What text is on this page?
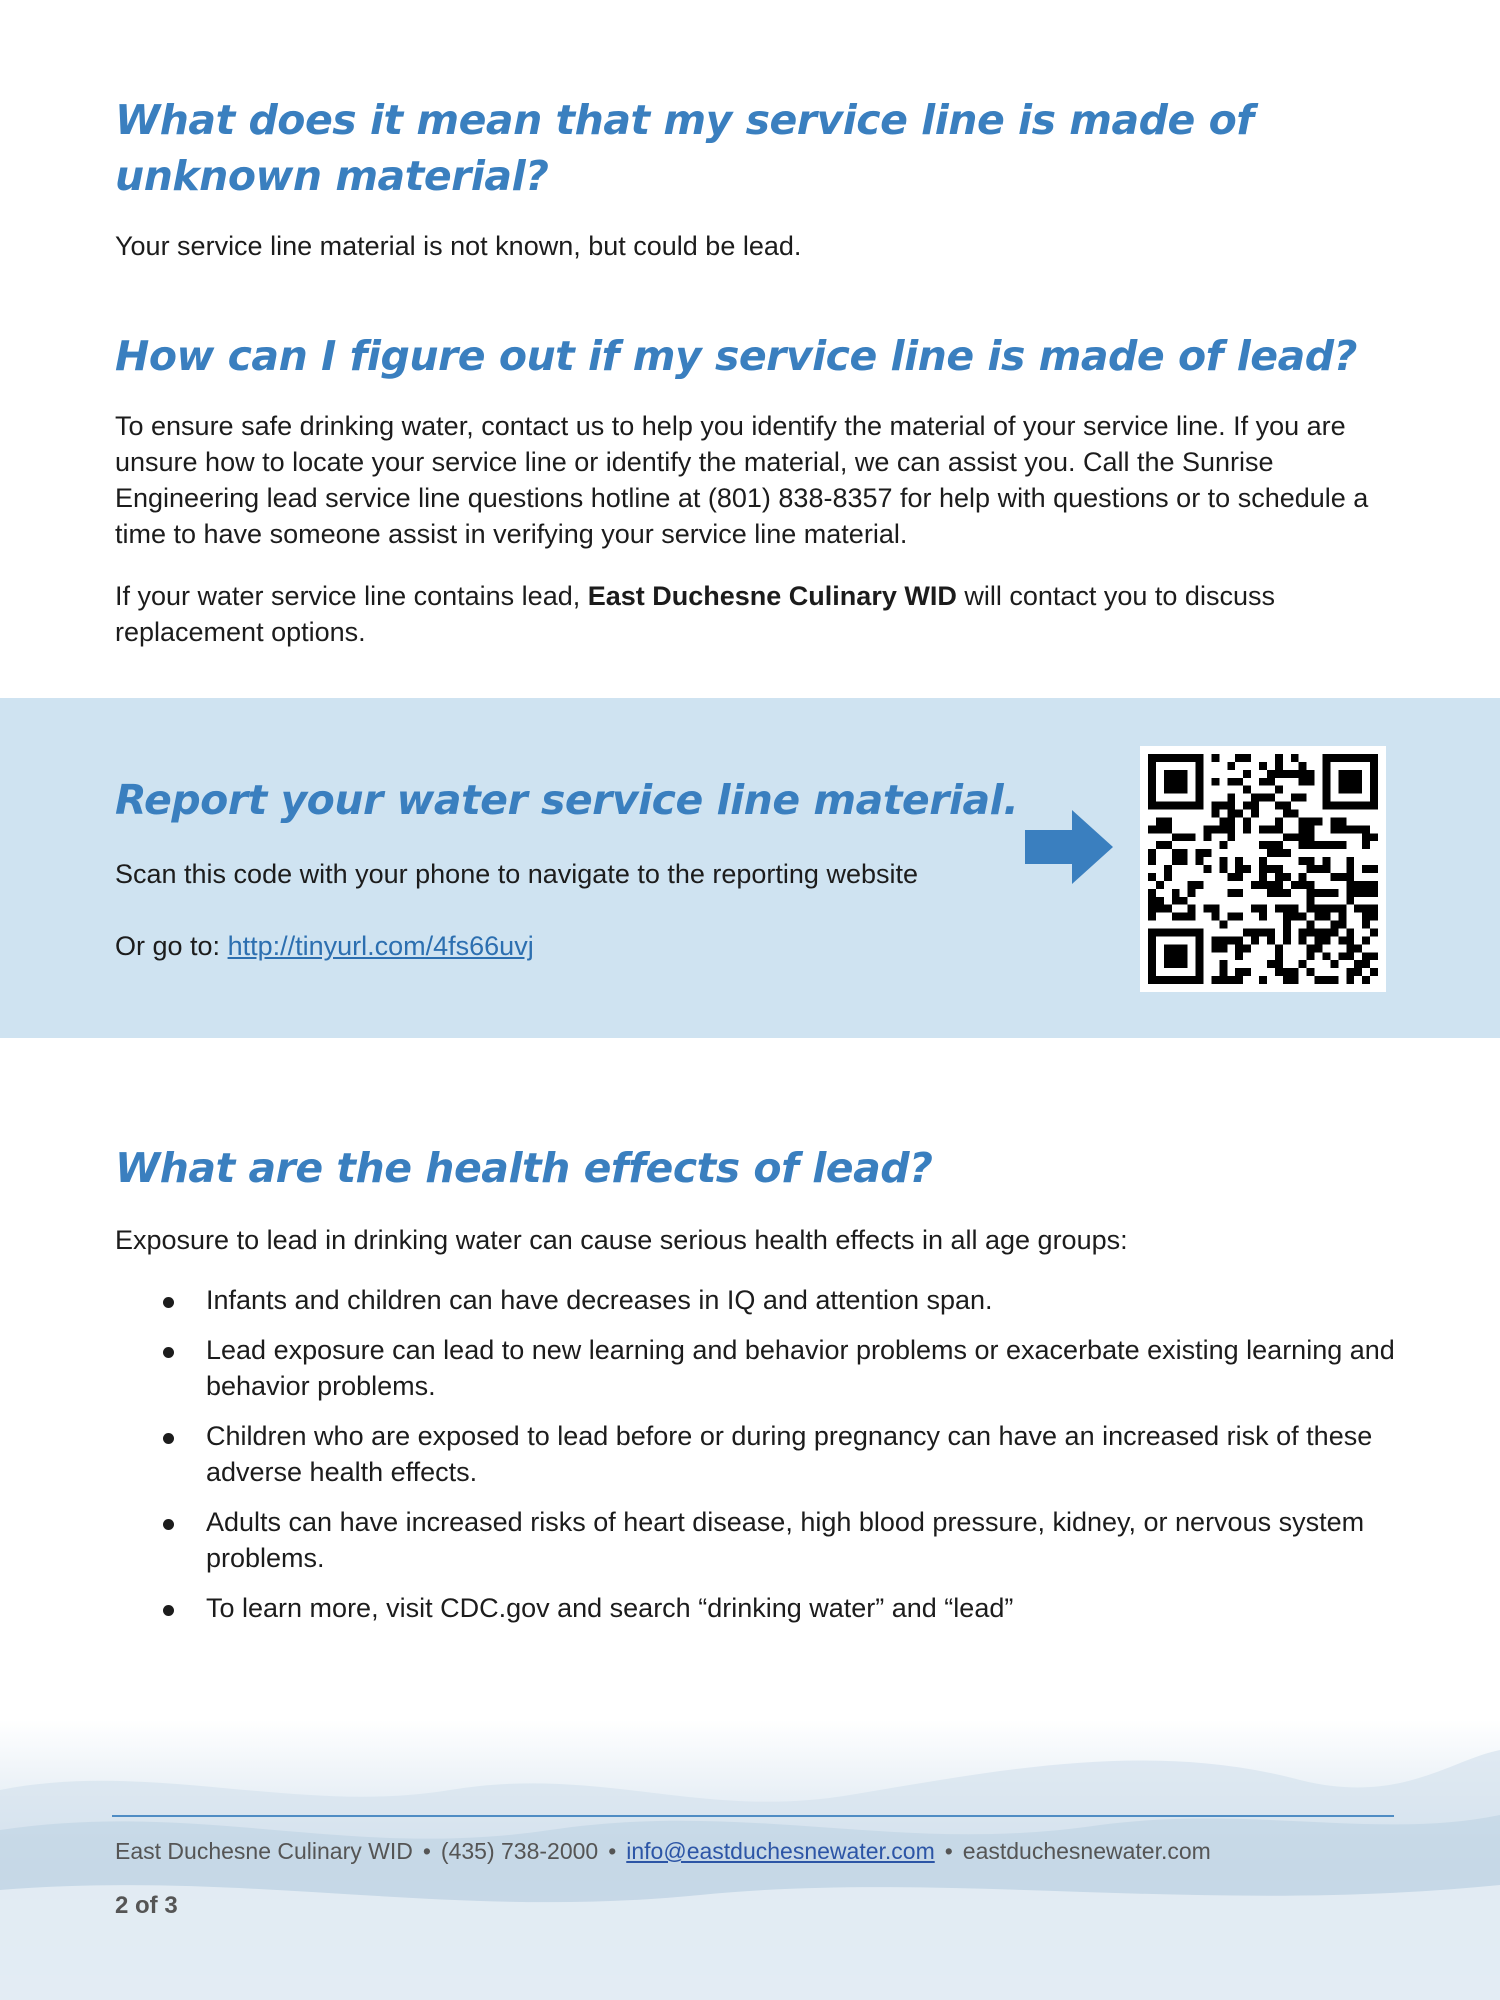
What does it mean that my service line is made of unknown material?

Your service line material is not known, but could be lead.

How can I figure out if my service line is made of lead?

To ensure safe drinking water, contact us to help you identify the material of your service line. If you are unsure how to locate your service line or identify the material, we can assist you. Call the Sunrise Engineering lead service line questions hotline at (801) 838-8357 for help with questions or to schedule a time to have someone assist in verifying your service line material.

If your water service line contains lead, East Duchesne Culinary WID will contact you to discuss replacement options.

Report your water service line material.

Scan this code with your phone to navigate to the reporting website

Or go to: http://tinyurl.com/4fs66uvj

What are the health effects of lead?

Exposure to lead in drinking water can cause serious health effects in all age groups:

Infants and children can have decreases in IQ and attention span.
Lead exposure can lead to new learning and behavior problems or exacerbate existing learning and behavior problems.
Children who are exposed to lead before or during pregnancy can have an increased risk of these adverse health effects.
Adults can have increased risks of heart disease, high blood pressure, kidney, or nervous system problems.
To learn more, visit CDC.gov and search “drinking water” and “lead”
East Duchesne Culinary WID • (435) 738-2000 • info@eastduchesnewater.com • eastduchesnewater.com
2 of 3
